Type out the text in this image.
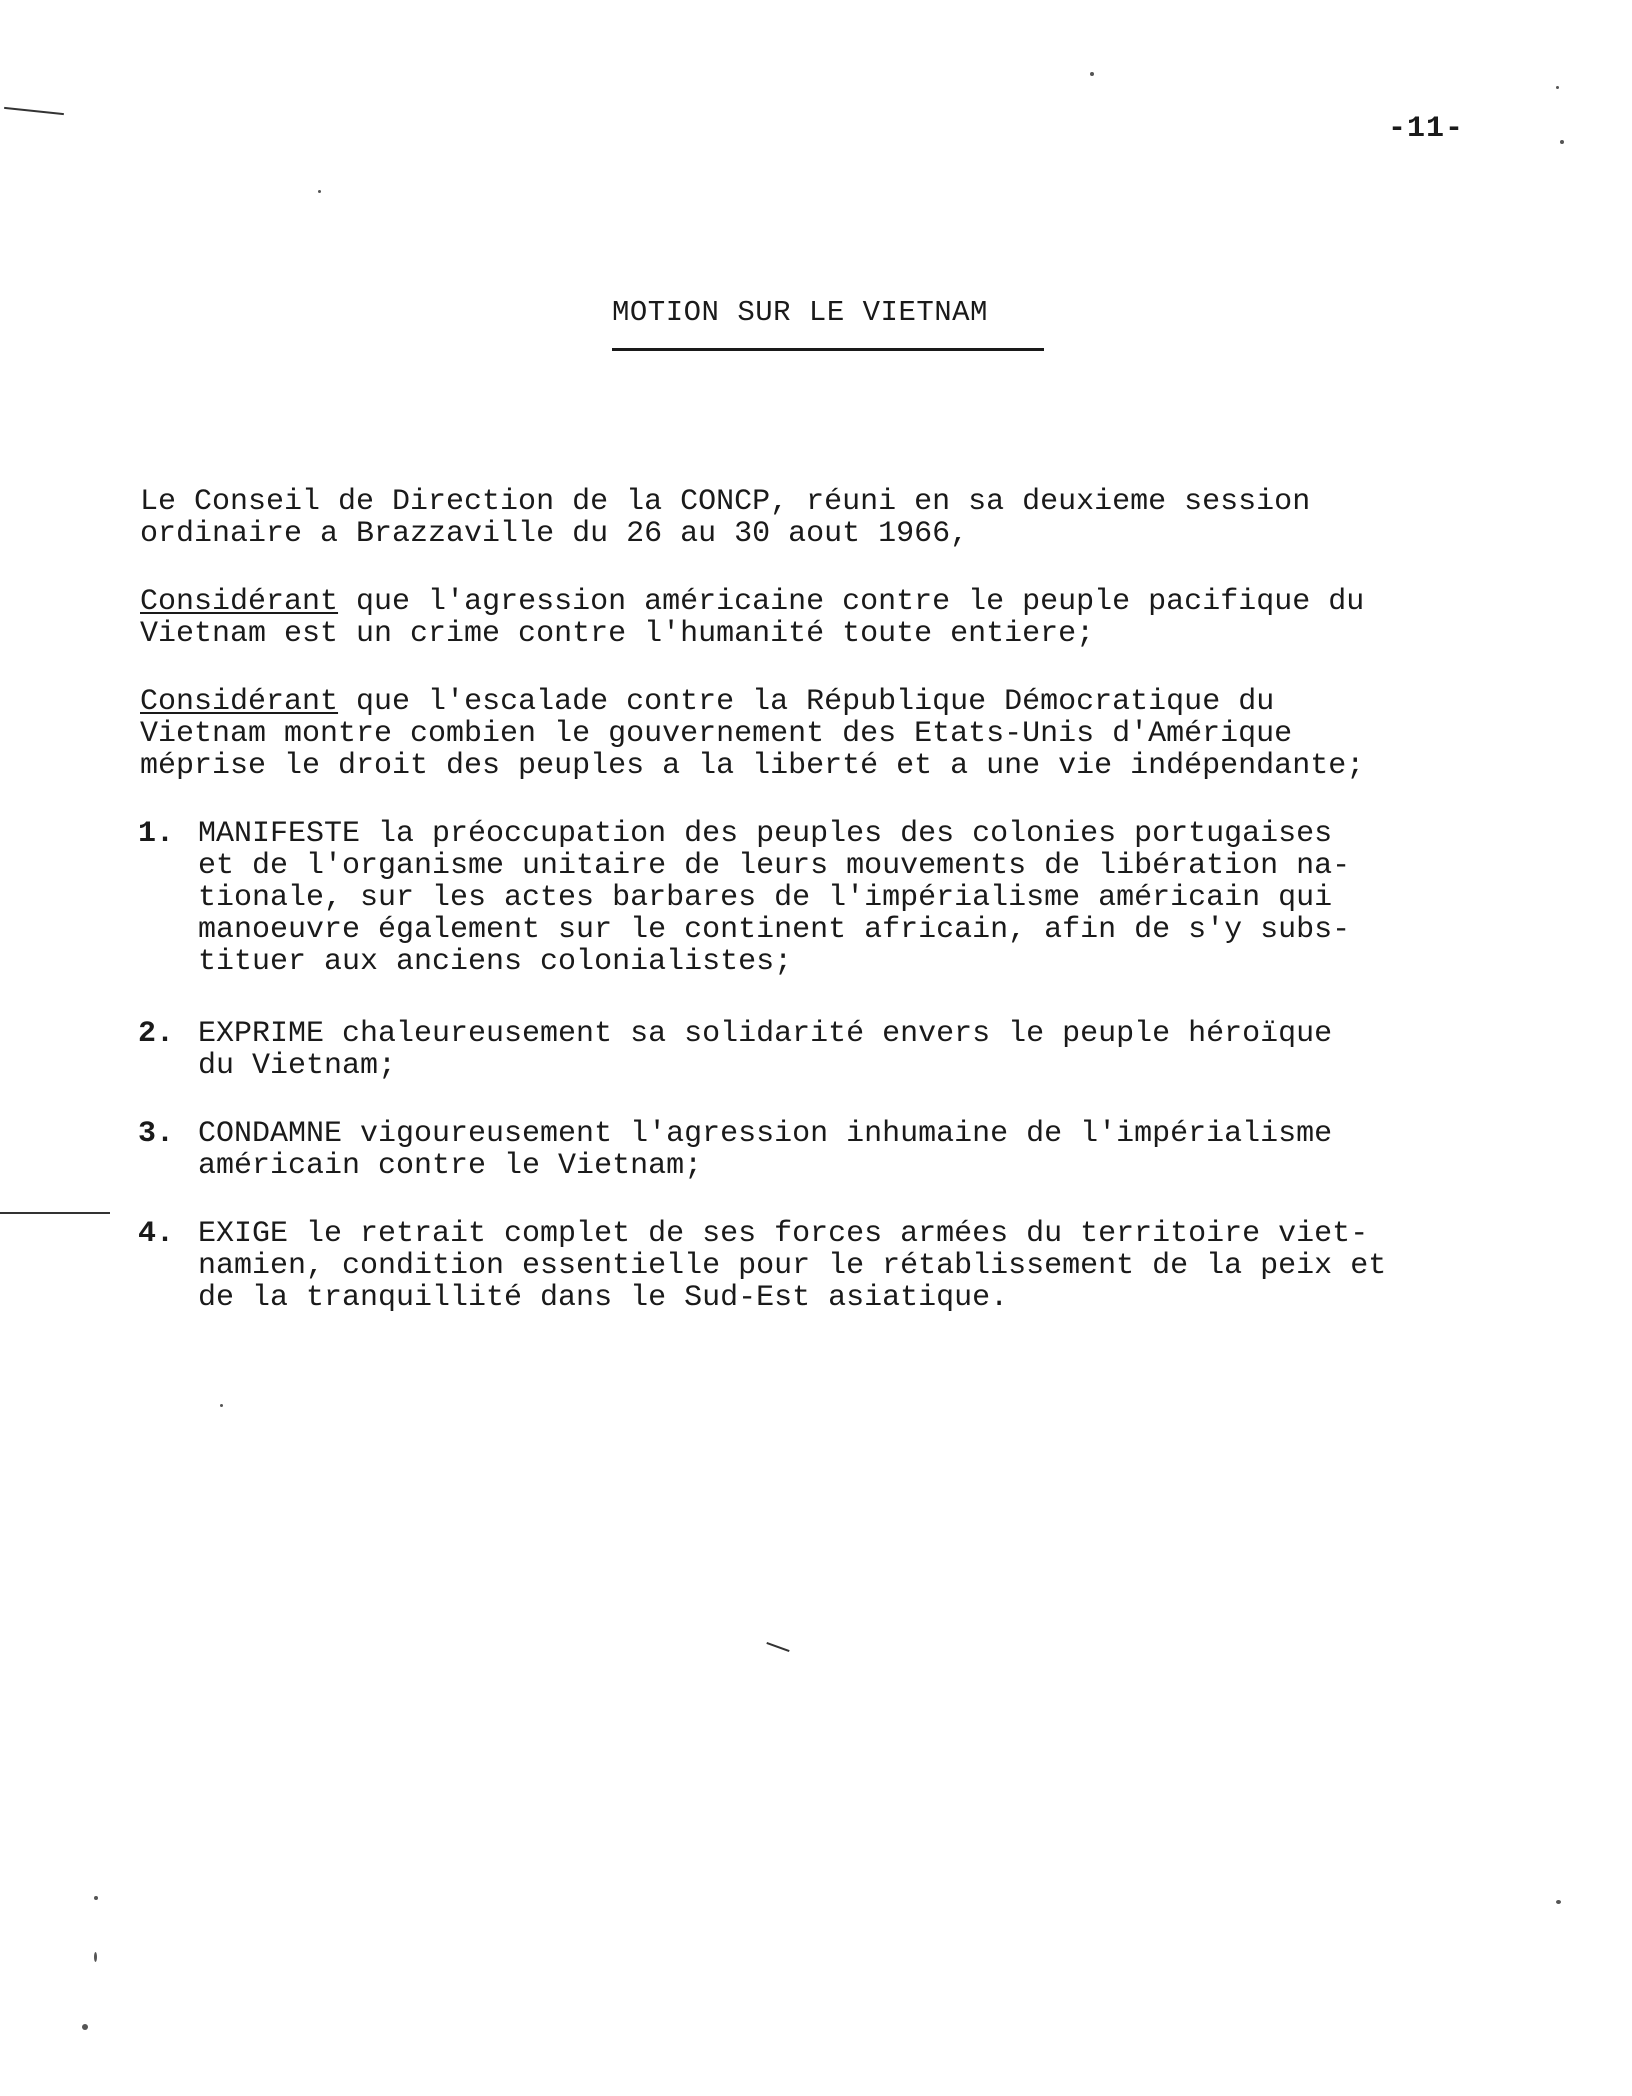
-11-
MOTION SUR LE VIETNAM
Le Conseil de Direction de la CONCP, réuni en sa deuxieme session
ordinaire a Brazzaville du 26 au 30 aout 1966,
Considérant que l'agression américaine contre le peuple pacifique du
Vietnam est un crime contre l'humanité toute entiere;
Considérant que l'escalade contre la République Démocratique du
Vietnam montre combien le gouvernement des Etats-Unis d'Amérique
méprise le droit des peuples a la liberté et a une vie indépendante;
1. MANIFESTE la préoccupation des peuples des colonies portugaises
et de l'organisme unitaire de leurs mouvements de libération na-
tionale, sur les actes barbares de l'impérialisme américain qui
manoeuvre également sur le continent africain, afin de s'y subs-
tituer aux anciens colonialistes;
2. EXPRIME chaleureusement sa solidarité envers le peuple héroïque
du Vietnam;
3. CONDAMNE vigoureusement l'agression inhumaine de l'impérialisme
américain contre le Vietnam;
4. EXIGE le retrait complet de ses forces armées du territoire viet-
namien, condition essentielle pour le rétablissement de la peix et
de la tranquillité dans le Sud-Est asiatique.
